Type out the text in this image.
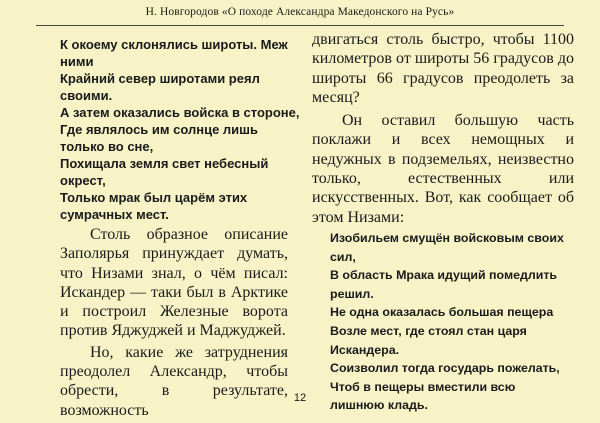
Н. Новгородов «О походе Александра Македонского на Русь»
К окоему склонялись широты. Меж
ними
Крайний север широтами реял
своими.
А затем оказались войска в стороне,
Где являлось им солнце лишь
только во сне,
Похищала земля свет небесный
окрест,
Только мрак был царём этих
сумрачных мест.
Столь образное описание Заполярья принуждает думать, что Низами знал, о чём писал: Искандер — таки был в Арктике и построил Железные ворота против Яджуджей и Маджуджей.
Но, какие же затруднения преодолел Александр, чтобы обрести, в результате, возможность
двигаться столь быстро, чтобы 1100 километров от широты 56 градусов до широты 66 градусов преодолеть за месяц?
Он оставил большую часть поклажи и всех немощных и недужных в подземельях, неизвестно только, естественных или искусственных. Вот, как сообщает об этом Низами:
Изобильем смущён войсковым своих
сил,
В область Мрака идущий помедлить
решил.
Не одна оказалась большая пещера
Возле мест, где стоял стан царя
Искандера.
Соизволил тогда государь пожелать,
Чтоб в пещеры вместили всю
лишнюю кладь.
12
